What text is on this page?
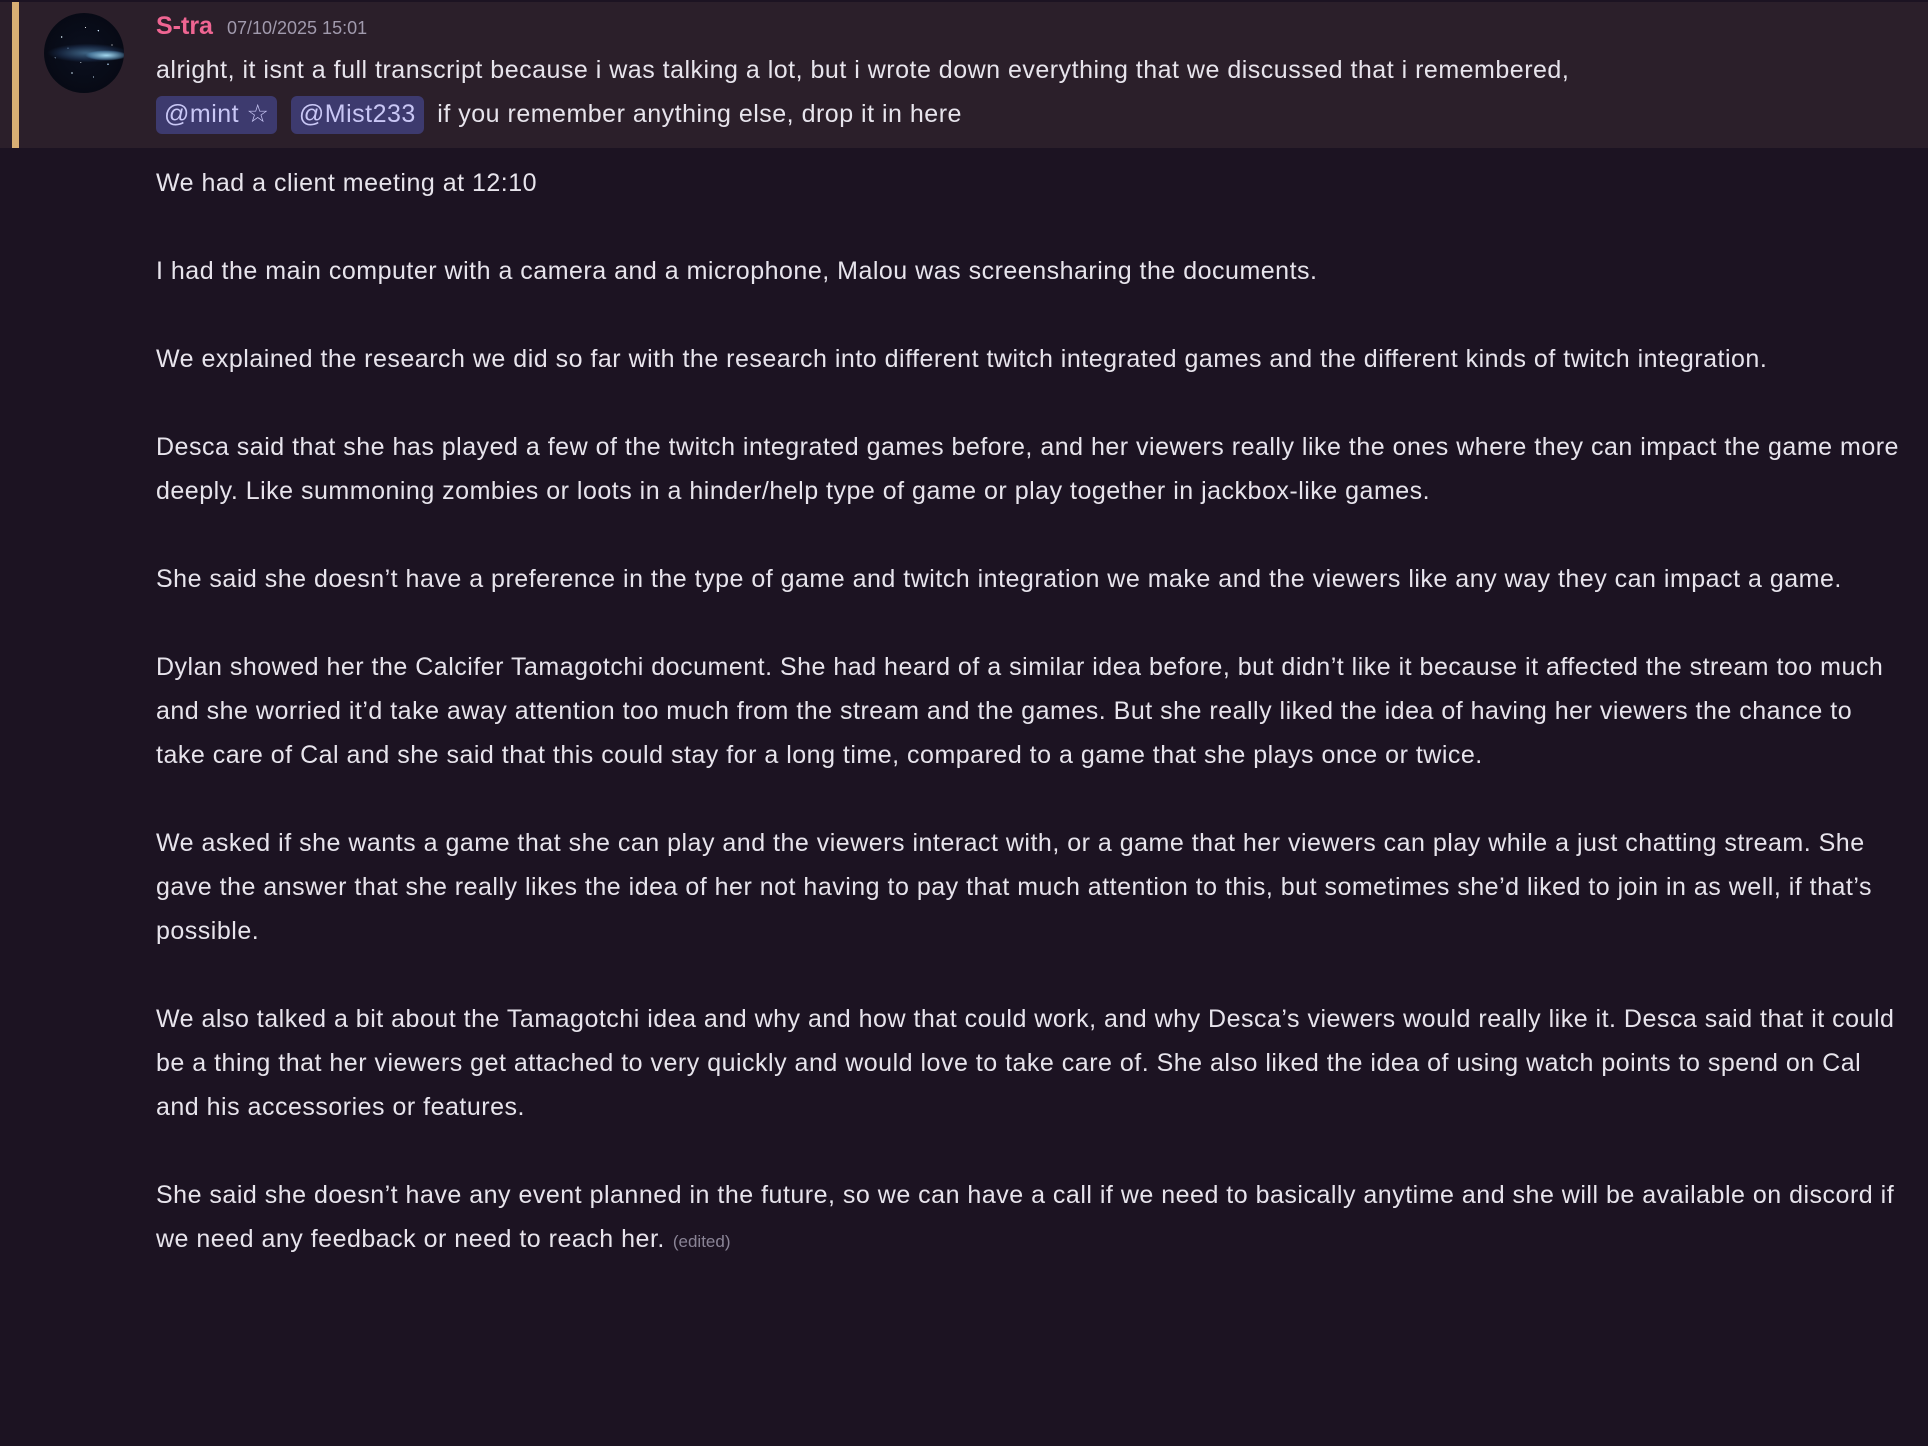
S-tra 07/10/2025 15:01
alright, it isnt a full transcript because i was talking a lot, but i wrote down everything that we discussed that i remembered,
@mint ☆ @Mist233 if you remember anything else, drop it in here

We had a client meeting at 12:10

I had the main computer with a camera and a microphone, Malou was screensharing the documents.

We explained the research we did so far with the research into different twitch integrated games and the different kinds of twitch integration.

Desca said that she has played a few of the twitch integrated games before, and her viewers really like the ones where they can impact the game more deeply. Like summoning zombies or loots in a hinder/help type of game or play together in jackbox-like games.

She said she doesn’t have a preference in the type of game and twitch integration we make and the viewers like any way they can impact a game.

Dylan showed her the Calcifer Tamagotchi document. She had heard of a similar idea before, but didn’t like it because it affected the stream too much and she worried it’d take away attention too much from the stream and the games. But she really liked the idea of having her viewers the chance to take care of Cal and she said that this could stay for a long time, compared to a game that she plays once or twice.

We asked if she wants a game that she can play and the viewers interact with, or a game that her viewers can play while a just chatting stream. She gave the answer that she really likes the idea of her not having to pay that much attention to this, but sometimes she’d liked to join in as well, if that’s possible.

We also talked a bit about the Tamagotchi idea and why and how that could work, and why Desca’s viewers would really like it. Desca said that it could be a thing that her viewers get attached to very quickly and would love to take care of. She also liked the idea of using watch points to spend on Cal and his accessories or features.

She said she doesn’t have any event planned in the future, so we can have a call if we need to basically anytime and she will be available on discord if we need any feedback or need to reach her. (edited)
